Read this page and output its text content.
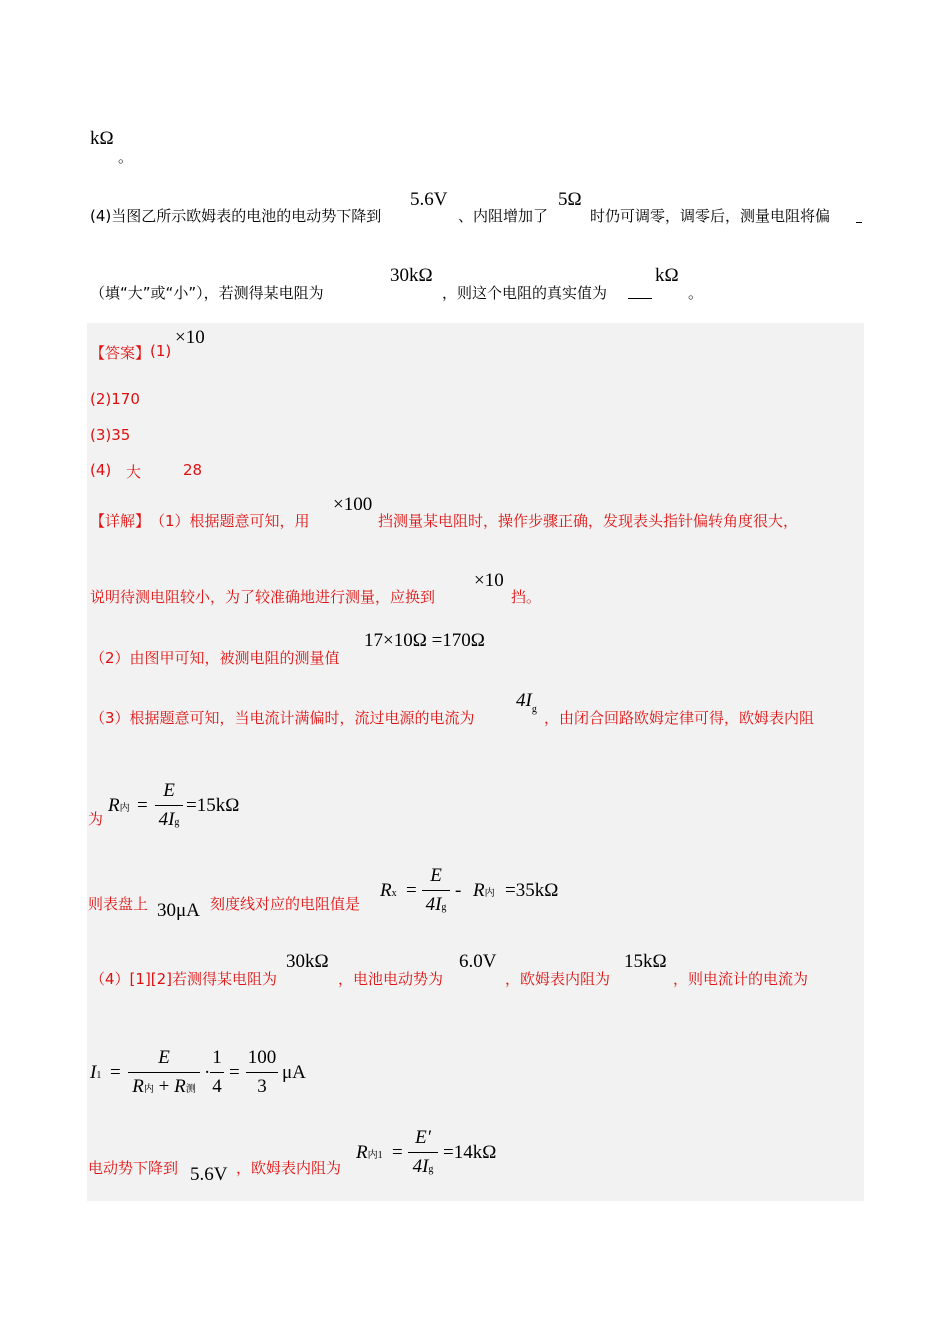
kΩ
。
(4)当图乙所示欧姆表的电池的电动势下降到
5.6V
、内阻增加了
5Ω
时仍可调零，调零后，测量电阻将偏
（填“大”或“小”），若测得某电阻为
30kΩ
，则这个电阻的真实值为
kΩ
。
【答案】 (1)
×10
(2)170
(3)35
(4) 大	28
【详解】 （1）根据题意可知，用
×100
挡测量某电阻时，操作步骤正确，发现表头指针偏转角度很大，
说明待测电阻较小，为了较准确地进行测量，应换到
×10
挡。
（2）由图甲可知，被测电阻的测量值
17×10Ω =170Ω
（3）根据题意可知，当电流计满偏时，流过电源的电流为
$4I_g$ ，由闭合回路欧姆定律可得，欧姆表内阻
为
R内 =
E
4Ig
=15kΩ
则表盘上 30μA 刻度线对应的电阻值是
Rx =
E
4Ig
- R内 =35kΩ
（4）[1][2]若测得某电阻为
30kΩ
，电池电动势为
6.0V
，欧姆表内阻为
15kΩ
，则电流计的电流为
I1 =
E
R内 + R测
·
1
4
=
100
3
μA
电动势下降到 5.6V ，欧姆表内阻为
R内1 =
E′
4Ig
=14kΩ
